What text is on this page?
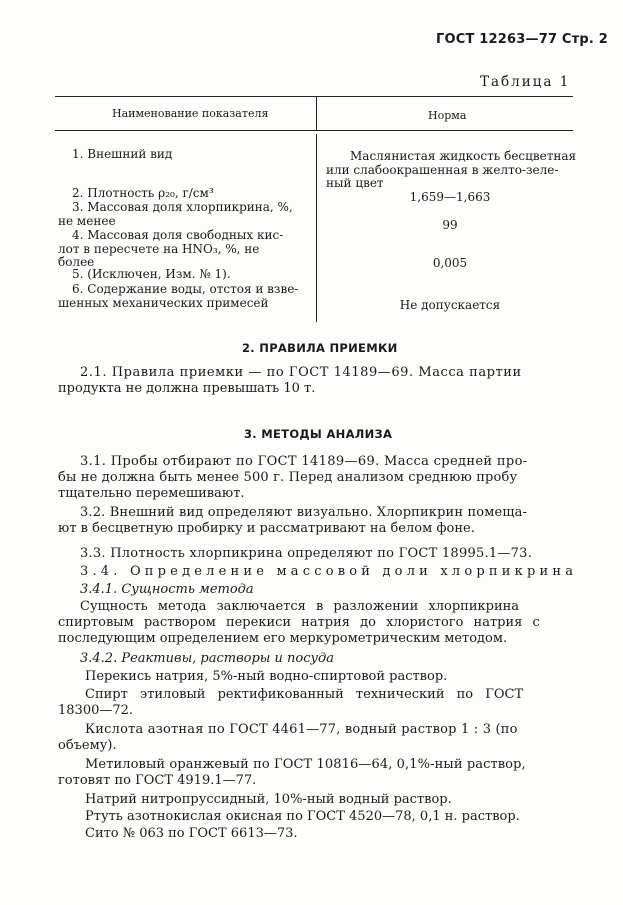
ГОСТ 12263—77 Стр. 2
Таблица 1
Наименование показателя	Норма
1. Внешний вид
2. Плотность ρ₂₀, г/см³
3. Массовая доля хлорпикрина, %,
не менее
4. Массовая доля свободных кис-
лот в пересчете на HNO₃, %, не
более
5. (Исключен, Изм. № 1).
6. Содержание воды, отстоя и взве-
шенных механических примесей
Маслянистая жидкость бесцветная
или слабоокрашенная в желто-зеле-
ный цвет
1,659—1,663
99
0,005
Не допускается
2. ПРАВИЛА ПРИЕМКИ
2.1. Правила приемки — по ГОСТ 14189—69. Масса партии
продукта не должна превышать 10 т.
3. МЕТОДЫ АНАЛИЗА
3.1. Пробы отбирают по ГОСТ 14189—69. Масса средней про-
бы не должна быть менее 500 г. Перед анализом среднюю пробу
тщательно перемешивают.
3.2. Внешний вид определяют визуально. Хлорпикрин помеща-
ют в бесцветную пробирку и рассматривают на белом фоне.
3.3. Плотность хлорпикрина определяют по ГОСТ 18995.1—73.
3.4. Определение массовой доли хлорпикрина
3.4.1. Сущность метода
Сущность метода заключается в разложении хлорпикрина
спиртовым раствором перекиси натрия до хлористого натрия с
последующим определением его меркурометрическим методом.
3.4.2. Реактивы, растворы и посуда
Перекись натрия, 5%-ный водно-спиртовой раствор.
Спирт этиловый ректификованный технический по ГОСТ
18300—72.
Кислота азотная по ГОСТ 4461—77, водный раствор 1 : 3 (по
объему).
Метиловый оранжевый по ГОСТ 10816—64, 0,1%-ный раствор,
готовят по ГОСТ 4919.1—77.
Натрий нитропруссидный, 10%-ный водный раствор.
Ртуть азотнокислая окисная по ГОСТ 4520—78, 0,1 н. раствор.
Сито № 063 по ГОСТ 6613—73.
